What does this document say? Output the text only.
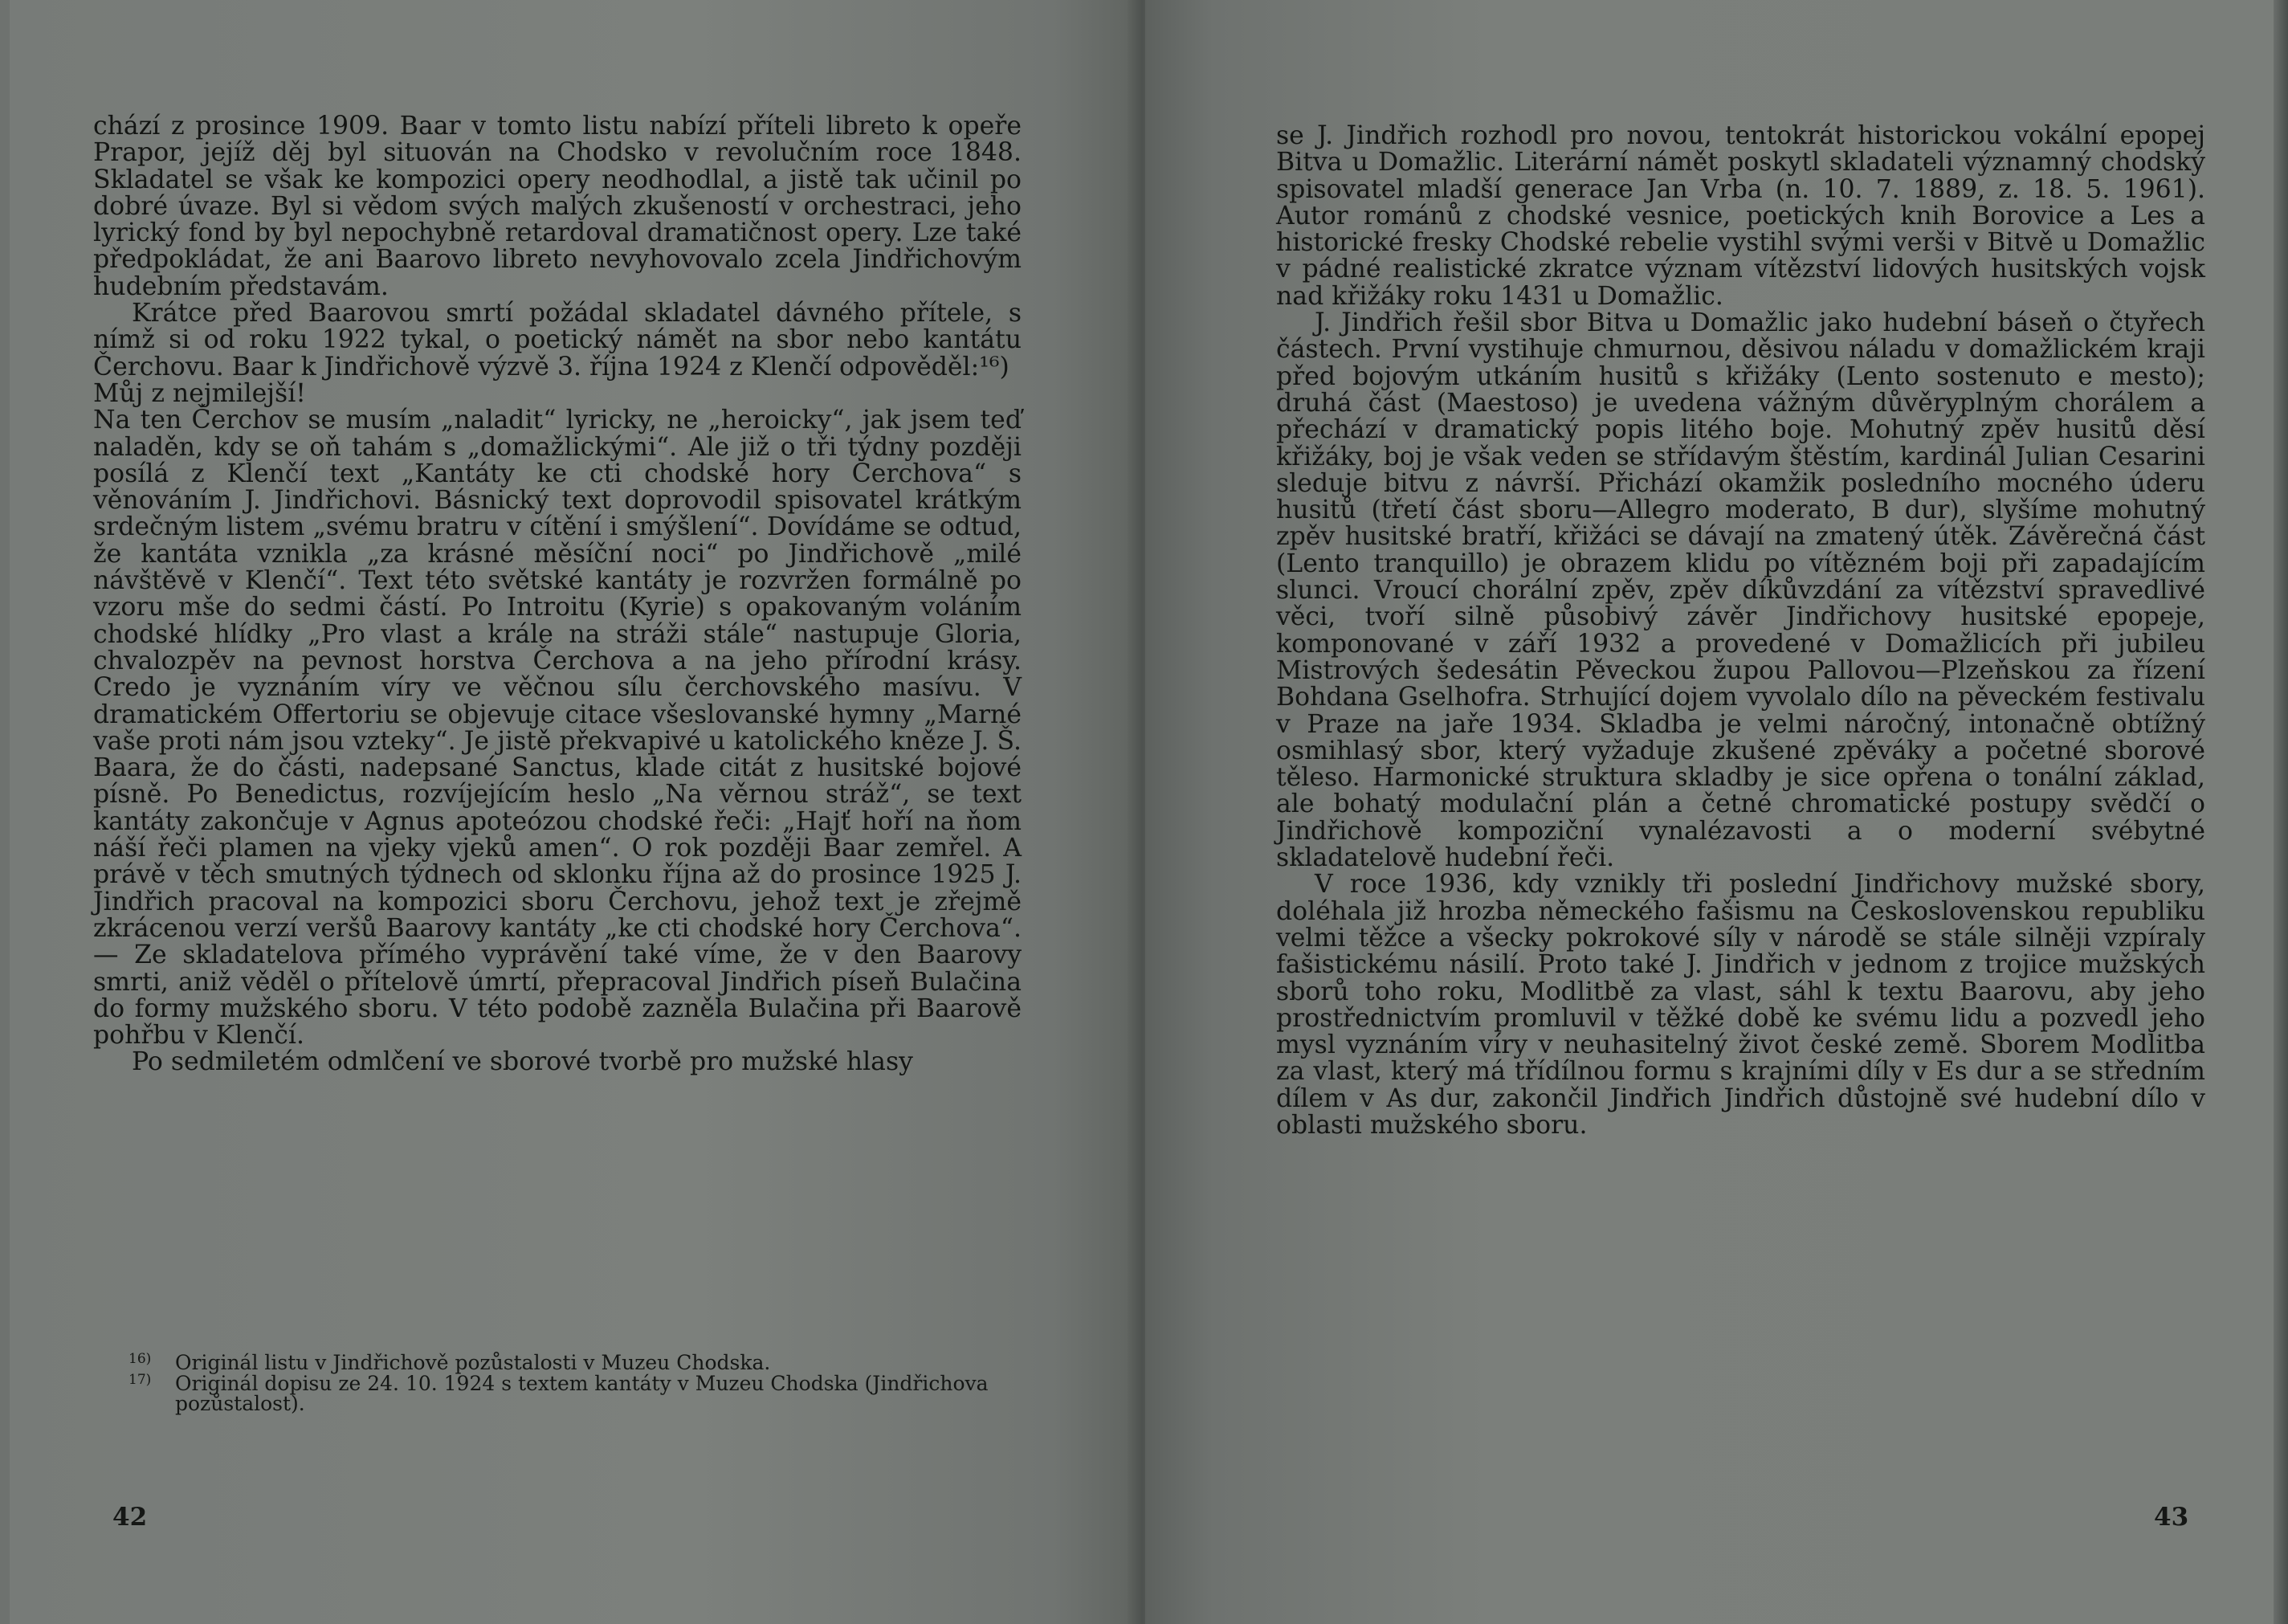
chází z prosince 1909. Baar v tomto listu nabízí příteli libreto k opeře Prapor, jejíž děj byl situován na Chodsko v revolučním roce 1848. Skladatel se však ke kompozici opery neodhodlal, a jistě tak učinil po dobré úvaze. Byl si vědom svých malých zkušeností v orchestraci, jeho lyrický fond by byl nepochybně retardoval dramatičnost opery. Lze také předpokládat, že ani Baarovo libreto nevyhovovalo zcela Jindřichovým hudebním představám.

Krátce před Baarovou smrtí požádal skladatel dávného přítele, s nímž si od roku 1922 tykal, o poetický námět na sbor nebo kantátu Čerchovu. Baar k Jindřichově výzvě 3. října 1924 z Klenčí odpověděl:¹⁶)

Můj z nejmilejší!

Na ten Čerchov se musím „naladit“ lyricky, ne „heroicky“, jak jsem teď naladěn, kdy se oň tahám s „domažlickými“. Ale již o tři týdny později posílá z Klenčí text „Kantáty ke cti chodské hory Čerchova“ s věnováním J. Jindřichovi. Básnický text doprovodil spisovatel krátkým srdečným listem „svému bratru v cítění i smýšlení“. Dovídáme se odtud, že kantáta vznikla „za krásné měsíční noci“ po Jindřichově „milé návštěvě v Klenčí“. Text této světské kantáty je rozvržen formálně po vzoru mše do sedmi částí. Po Introitu (Kyrie) s opakovaným voláním chodské hlídky „Pro vlast a krále na stráži stále“ nastupuje Gloria, chvalozpěv na pevnost horstva Čerchova a na jeho přírodní krásy. Credo je vyznáním víry ve věčnou sílu čerchovského masívu. V dramatickém Offertoriu se objevuje citace všeslovanské hymny „Marné vaše proti nám jsou vzteky“. Je jistě překvapivé u katolického kněze J. Š. Baara, že do části, nadepsané Sanctus, klade citát z husitské bojové písně. Po Benedictus, rozvíjejícím heslo „Na věrnou stráž“, se text kantáty zakončuje v Agnus apoteózou chodské řeči: „Hajť hoří na ňom náší řeči plamen na vjeky vjeků amen“. O rok později Baar zemřel. A právě v těch smutných týdnech od sklonku října až do prosince 1925 J. Jindřich pracoval na kompozici sboru Čerchovu, jehož text je zřejmě zkrácenou verzí veršů Baarovy kantáty „ke cti chodské hory Čerchova“. — Ze skladatelova přímého vyprávění také víme, že v den Baarovy smrti, aniž věděl o přítelově úmrtí, přepracoval Jindřich píseň Bulačina do formy mužského sboru. V této podobě zazněla Bulačina při Baarově pohřbu v Klenčí.

Po sedmiletém odmlčení ve sborové tvorbě pro mužské hlasy

16) Originál listu v Jindřichově pozůstalosti v Muzeu Chodska.
17) Originál dopisu ze 24. 10. 1924 s textem kantáty v Muzeu Chodska (Jindřichova pozůstalost).
42

se J. Jindřich rozhodl pro novou, tentokrát historickou vokální epopej Bitva u Domažlic. Literární námět poskytl skladateli významný chodský spisovatel mladší generace Jan Vrba (n. 10. 7. 1889, z. 18. 5. 1961). Autor románů z chodské vesnice, poetických knih Borovice a Les a historické fresky Chodské rebelie vystihl svými verši v Bitvě u Domažlic v pádné realistické zkratce význam vítězství lidových husitských vojsk nad křižáky roku 1431 u Domažlic.

J. Jindřich řešil sbor Bitva u Domažlic jako hudební báseň o čtyřech částech. První vystihuje chmurnou, děsivou náladu v domažlickém kraji před bojovým utkáním husitů s křižáky (Lento sostenuto e mesto); druhá část (Maestoso) je uvedena vážným důvěryplným chorálem a přechází v dramatický popis litého boje. Mohutný zpěv husitů děsí křižáky, boj je však veden se střídavým štěstím, kardinál Julian Cesarini sleduje bitvu z návrší. Přichází okamžik posledního mocného úderu husitů (třetí část sboru—Allegro moderato, B dur), slyšíme mohutný zpěv husitské bratří, křižáci se dávají na zmatený útěk. Závěrečná část (Lento tranquillo) je obrazem klidu po vítězném boji při zapadajícím slunci. Vroucí chorální zpěv, zpěv díkůvzdání za vítězství spravedlivé věci, tvoří silně působivý závěr Jindřichovy husitské epopeje, komponované v září 1932 a provedené v Domažlicích při jubileu Mistrových šedesátin Pěveckou župou Pallovou—Plzeňskou za řízení Bohdana Gselhofra. Strhující dojem vyvolalo dílo na pěveckém festivalu v Praze na jaře 1934. Skladba je velmi náročný, intonačně obtížný osmihlasý sbor, který vyžaduje zkušené zpěváky a početné sborové těleso. Harmonické struktura skladby je sice opřena o tonální základ, ale bohatý modulační plán a četné chromatické postupy svědčí o Jindřichově kompoziční vynalézavosti a o moderní svébytné skladatelově hudební řeči.

V roce 1936, kdy vznikly tři poslední Jindřichovy mužské sbory, doléhala již hrozba německého fašismu na Československou republiku velmi těžce a všecky pokrokové síly v národě se stále silněji vzpíraly fašistickému násilí. Proto také J. Jindřich v jednom z trojice mužských sborů toho roku, Modlitbě za vlast, sáhl k textu Baarovu, aby jeho prostřednictvím promluvil v těžké době ke svému lidu a pozvedl jeho mysl vyznáním víry v neuhasitelný život české země. Sborem Modlitba za vlast, který má třídílnou formu s krajními díly v Es dur a se středním dílem v As dur, zakončil Jindřich Jindřich důstojně své hudební dílo v oblasti mužského sboru.

43
